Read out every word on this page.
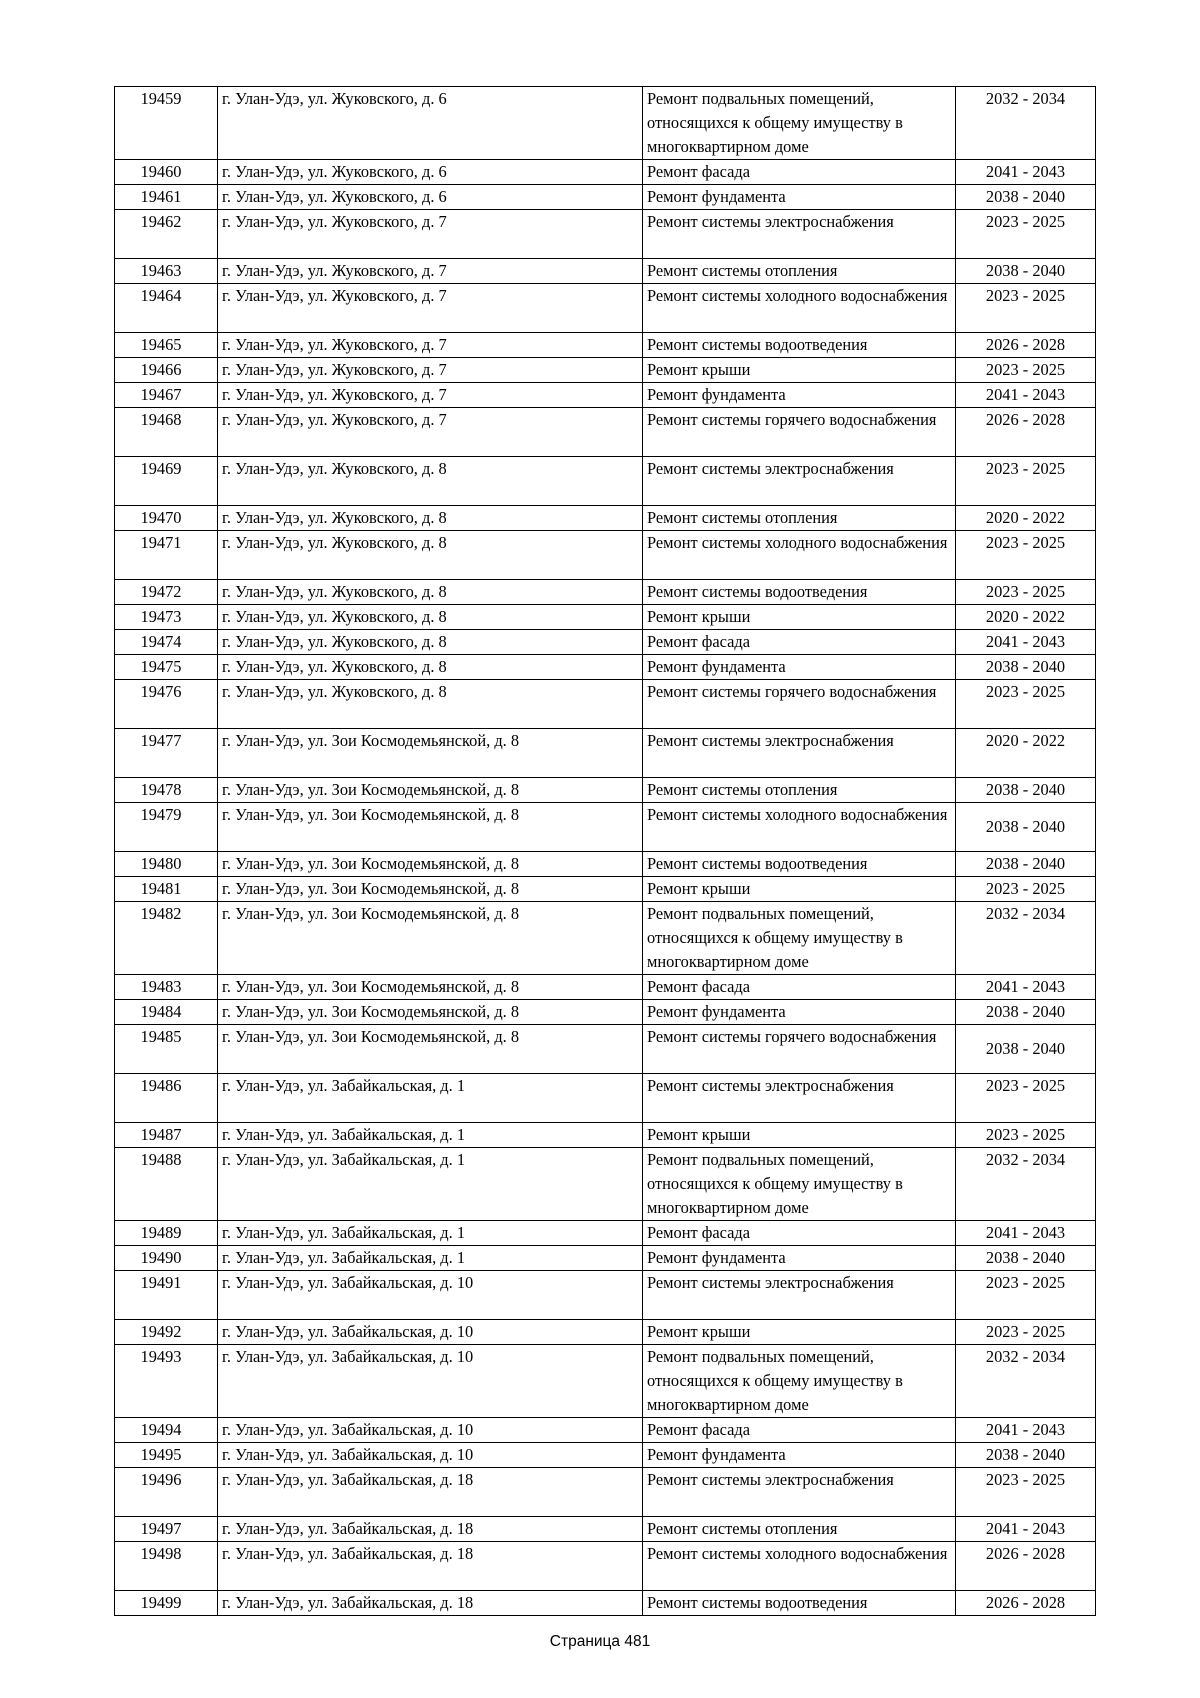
19459	г. Улан-Удэ, ул. Жуковского, д. 6	Ремонт подвальных помещений, относящихся к общему имуществу в многоквартирном доме	2032 - 2034
19460	г. Улан-Удэ, ул. Жуковского, д. 6	Ремонт фасада	2041 - 2043
19461	г. Улан-Удэ, ул. Жуковского, д. 6	Ремонт фундамента	2038 - 2040
19462	г. Улан-Удэ, ул. Жуковского, д. 7	Ремонт системы электроснабжения	2023 - 2025
19463	г. Улан-Удэ, ул. Жуковского, д. 7	Ремонт системы отопления	2038 - 2040
19464	г. Улан-Удэ, ул. Жуковского, д. 7	Ремонт системы холодного водоснабжения	2023 - 2025
19465	г. Улан-Удэ, ул. Жуковского, д. 7	Ремонт системы водоотведения	2026 - 2028
19466	г. Улан-Удэ, ул. Жуковского, д. 7	Ремонт крыши	2023 - 2025
19467	г. Улан-Удэ, ул. Жуковского, д. 7	Ремонт фундамента	2041 - 2043
19468	г. Улан-Удэ, ул. Жуковского, д. 7	Ремонт системы горячего водоснабжения	2026 - 2028
19469	г. Улан-Удэ, ул. Жуковского, д. 8	Ремонт системы электроснабжения	2023 - 2025
19470	г. Улан-Удэ, ул. Жуковского, д. 8	Ремонт системы отопления	2020 - 2022
19471	г. Улан-Удэ, ул. Жуковского, д. 8	Ремонт системы холодного водоснабжения	2023 - 2025
19472	г. Улан-Удэ, ул. Жуковского, д. 8	Ремонт системы водоотведения	2023 - 2025
19473	г. Улан-Удэ, ул. Жуковского, д. 8	Ремонт крыши	2020 - 2022
19474	г. Улан-Удэ, ул. Жуковского, д. 8	Ремонт фасада	2041 - 2043
19475	г. Улан-Удэ, ул. Жуковского, д. 8	Ремонт фундамента	2038 - 2040
19476	г. Улан-Удэ, ул. Жуковского, д. 8	Ремонт системы горячего водоснабжения	2023 - 2025
19477	г. Улан-Удэ, ул. Зои Космодемьянской, д. 8	Ремонт системы электроснабжения	2020 - 2022
19478	г. Улан-Удэ, ул. Зои Космодемьянской, д. 8	Ремонт системы отопления	2038 - 2040
19479	г. Улан-Удэ, ул. Зои Космодемьянской, д. 8	Ремонт системы холодного водоснабжения	2038 - 2040
19480	г. Улан-Удэ, ул. Зои Космодемьянской, д. 8	Ремонт системы водоотведения	2038 - 2040
19481	г. Улан-Удэ, ул. Зои Космодемьянской, д. 8	Ремонт крыши	2023 - 2025
19482	г. Улан-Удэ, ул. Зои Космодемьянской, д. 8	Ремонт подвальных помещений, относящихся к общему имуществу в многоквартирном доме	2032 - 2034
19483	г. Улан-Удэ, ул. Зои Космодемьянской, д. 8	Ремонт фасада	2041 - 2043
19484	г. Улан-Удэ, ул. Зои Космодемьянской, д. 8	Ремонт фундамента	2038 - 2040
19485	г. Улан-Удэ, ул. Зои Космодемьянской, д. 8	Ремонт системы горячего водоснабжения	2038 - 2040
19486	г. Улан-Удэ, ул. Забайкальская, д. 1	Ремонт системы электроснабжения	2023 - 2025
19487	г. Улан-Удэ, ул. Забайкальская, д. 1	Ремонт крыши	2023 - 2025
19488	г. Улан-Удэ, ул. Забайкальская, д. 1	Ремонт подвальных помещений, относящихся к общему имуществу в многоквартирном доме	2032 - 2034
19489	г. Улан-Удэ, ул. Забайкальская, д. 1	Ремонт фасада	2041 - 2043
19490	г. Улан-Удэ, ул. Забайкальская, д. 1	Ремонт фундамента	2038 - 2040
19491	г. Улан-Удэ, ул. Забайкальская, д. 10	Ремонт системы электроснабжения	2023 - 2025
19492	г. Улан-Удэ, ул. Забайкальская, д. 10	Ремонт крыши	2023 - 2025
19493	г. Улан-Удэ, ул. Забайкальская, д. 10	Ремонт подвальных помещений, относящихся к общему имуществу в многоквартирном доме	2032 - 2034
19494	г. Улан-Удэ, ул. Забайкальская, д. 10	Ремонт фасада	2041 - 2043
19495	г. Улан-Удэ, ул. Забайкальская, д. 10	Ремонт фундамента	2038 - 2040
19496	г. Улан-Удэ, ул. Забайкальская, д. 18	Ремонт системы электроснабжения	2023 - 2025
19497	г. Улан-Удэ, ул. Забайкальская, д. 18	Ремонт системы отопления	2041 - 2043
19498	г. Улан-Удэ, ул. Забайкальская, д. 18	Ремонт системы холодного водоснабжения	2026 - 2028
19499	г. Улан-Удэ, ул. Забайкальская, д. 18	Ремонт системы водоотведения	2026 - 2028
Страница 481
